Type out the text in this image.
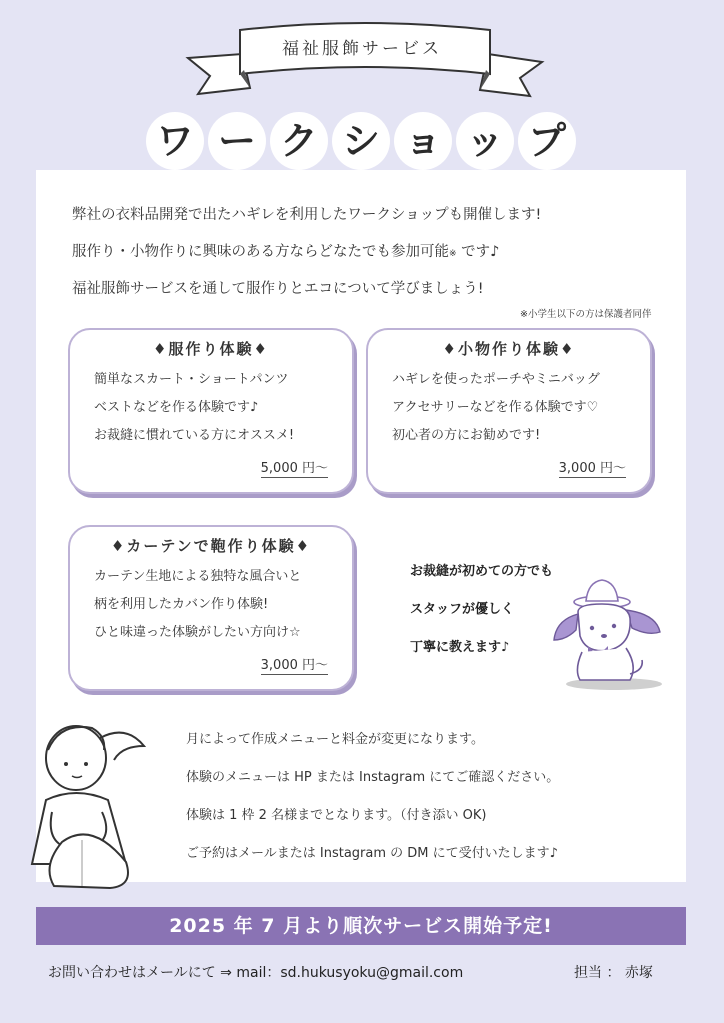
福祉服飾サービス
ワ ー ク シ ョ ッ プ
弊社の衣料品開発で出たハギレを利用したワークショップも開催します!
服作り・小物作りに興味のある方ならどなたでも参加可能※ です♪
福祉服飾サービスを通して服作りとエコについて学びましょう!
※小学生以下の方は保護者同伴
♦服作り体験♦
簡単なスカート・ショートパンツ
ベストなどを作る体験です♪
お裁縫に慣れている方にオススメ!
5,000 円～
♦小物作り体験♦
ハギレを使ったポーチやミニバッグ
アクセサリーなどを作る体験です♡
初心者の方にお勧めです!
3,000 円～
♦カーテンで鞄作り体験♦
カーテン生地による独特な風合いと
柄を利用したカバン作り体験!
ひと味違った体験がしたい方向け☆
3,000 円～
お裁縫が初めての方でも
スタッフが優しく
丁寧に教えます♪
月によって作成メニューと料金が変更になります。
体験のメニューは HP または Instagram にてご確認ください。
体験は 1 枠 2 名様までとなります。（付き添い OK)
ご予約はメールまたは Instagram の DM にて受付いたします♪
2025 年 7 月より順次サービス開始予定!
お問い合わせはメールにて ⇒ mail：sd.hukusyoku@gmail.com	担当 ： 赤塚
